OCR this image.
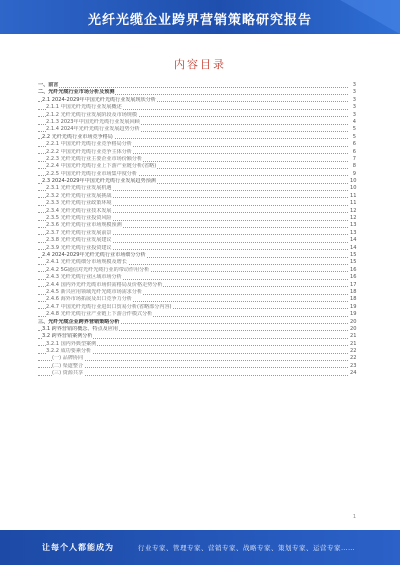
光纤光缆企业跨界营销策略研究报告
内容目录
一、前言	3
二、光纤光缆行业市场分析及预测	3
2.1 2024-2029年中国光纤光缆行业发展现状分析	3
2.1.1 中国光纤光缆行业发展概述	3
2.1.2 光纤光缆行业发展阶段及市场规模	3
2.1.3 2023年中国光纤光缆行业发展回顾	4
2.1.4 2024年光纤光缆行业发展趋势分析	5
2.2 光纤光缆行业市场竞争格局	5
2.2.1 中国光纤光缆行业竞争格局分析	6
2.2.2 中国光纤光缆行业竞争主体分析	6
2.2.3 光纤光缆行业主要企业市场份额分析	7
2.2.4 中国光纤光缆行业上下游产业链分析(省略)	8
2.2.5 中国光纤光缆行业市场集中度分析	9
2.3 2024-2029年中国光纤光缆行业发展趋势预测	10
2.3.1 光纤光缆行业发展机遇	10
2.3.2 光纤光缆行业发展挑战	11
2.3.3 光纤光缆行业政策环境	11
2.3.4 光纤光缆行业技术发展	12
2.3.5 光纤光缆行业投资风险	12
2.3.6 光纤光缆行业市场规模预测	13
2.3.7 光纤光缆行业发展前景	13
2.3.8 光纤光缆行业发展建议	14
2.3.9 光纤光缆行业投资建议	14
2.4 2024-2029年光纤光缆行业市场细分分析	15
2.4.1 光纤光缆细分市场规模及增长	15
2.4.2 5G通信对光纤光缆行业的带动作用分析	16
2.4.3 光纤光缆行业区域市场分析	16
2.4.4 国内外光纤光缆市场供需格局及价格走势分析	17
2.4.5 新兴应用领域光纤光缆市场需求分析	18
2.4.6 海外市场拓展及出口竞争力分析	18
2.4.7 中国光纤光缆行业进出口贸易分析(省略部分内容)	19
2.4.8 光纤光缆行业产业链上下游合作模式分析	19
三、光纤光缆企业跨界营销策略分析	20
3.1 跨界营销的概念、特点及应用	20
3.2 跨界营销案例分析	21
3.2.1 国内外典型案例	21
3.2.2 成功要素分析	22
(一) 品牌协同	22
(二) 渠道整合	23
(三) 资源共享	24
1
让每个人都能成为	行业专家、管理专家、营销专家、战略专家、策划专家、运营专家……
